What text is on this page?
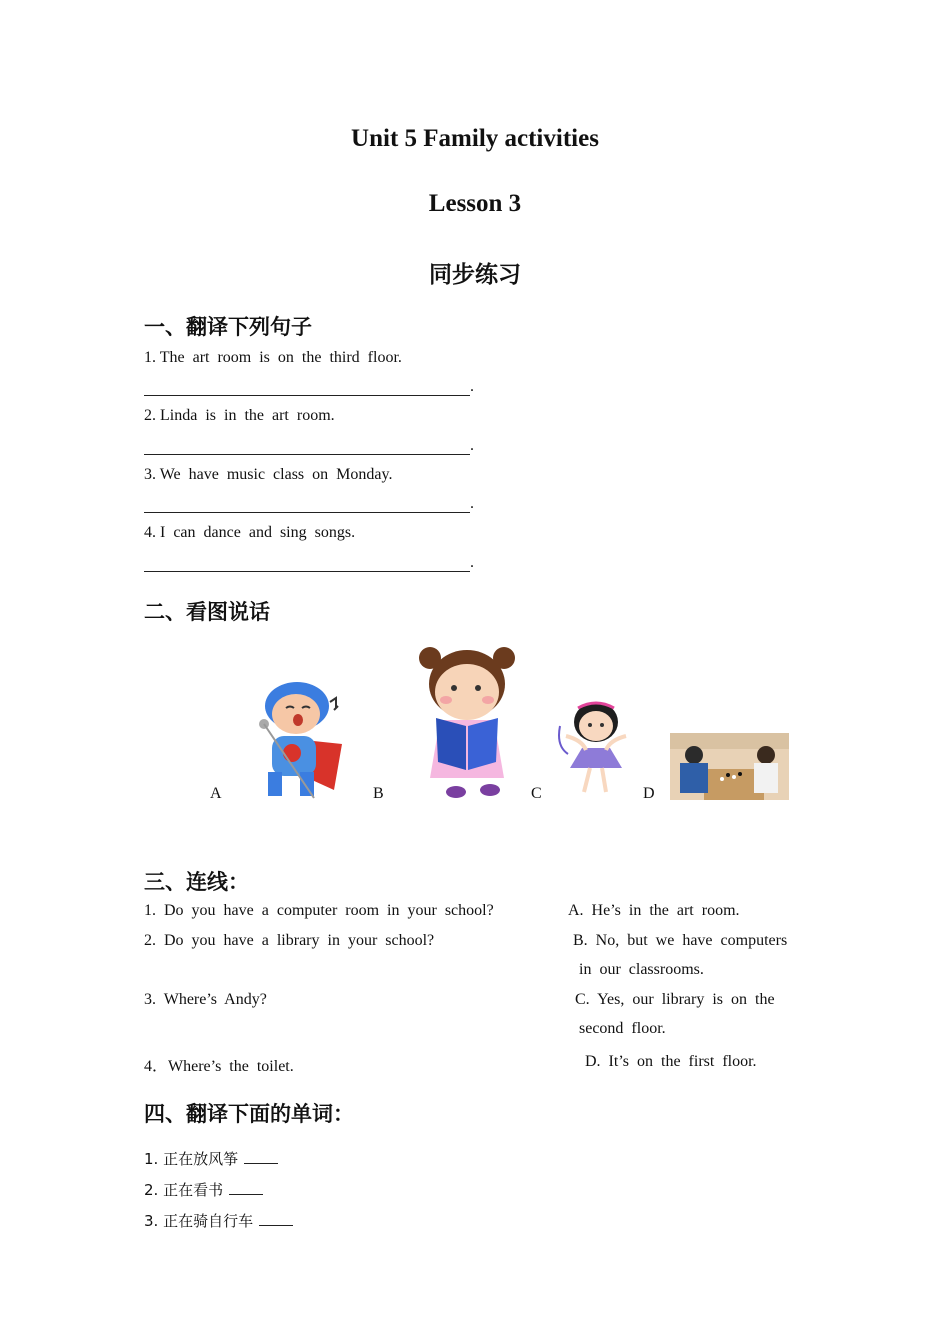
Unit 5 Family activities
Lesson 3
同步练习
一、翻译下列句子
1. The  art  room  is  on  the  third  floor.
.
2. Linda  is  in  the  art  room.
.
3. We  have  music  class  on  Monday.
.
4. I  can  dance  and  sing  songs.
.
二、看图说话
A	B	C	D
三、连线：
1.  Do  you  have  a  computer  room  in  your  school?
2.  Do  you  have  a  library  in  your  school?
3.  Where’s  Andy?
4．Where’s  the  toilet.
A.  He’s  in  the  art  room.
B.  No,  but  we  have  computers
in  our  classrooms.
C.  Yes,  our  library  is  on  the
second  floor.
D.  It’s  on  the  first  floor.
四、翻译下面的单词：
1. 正在放风筝
2. 正在看书
3. 正在骑自行车
